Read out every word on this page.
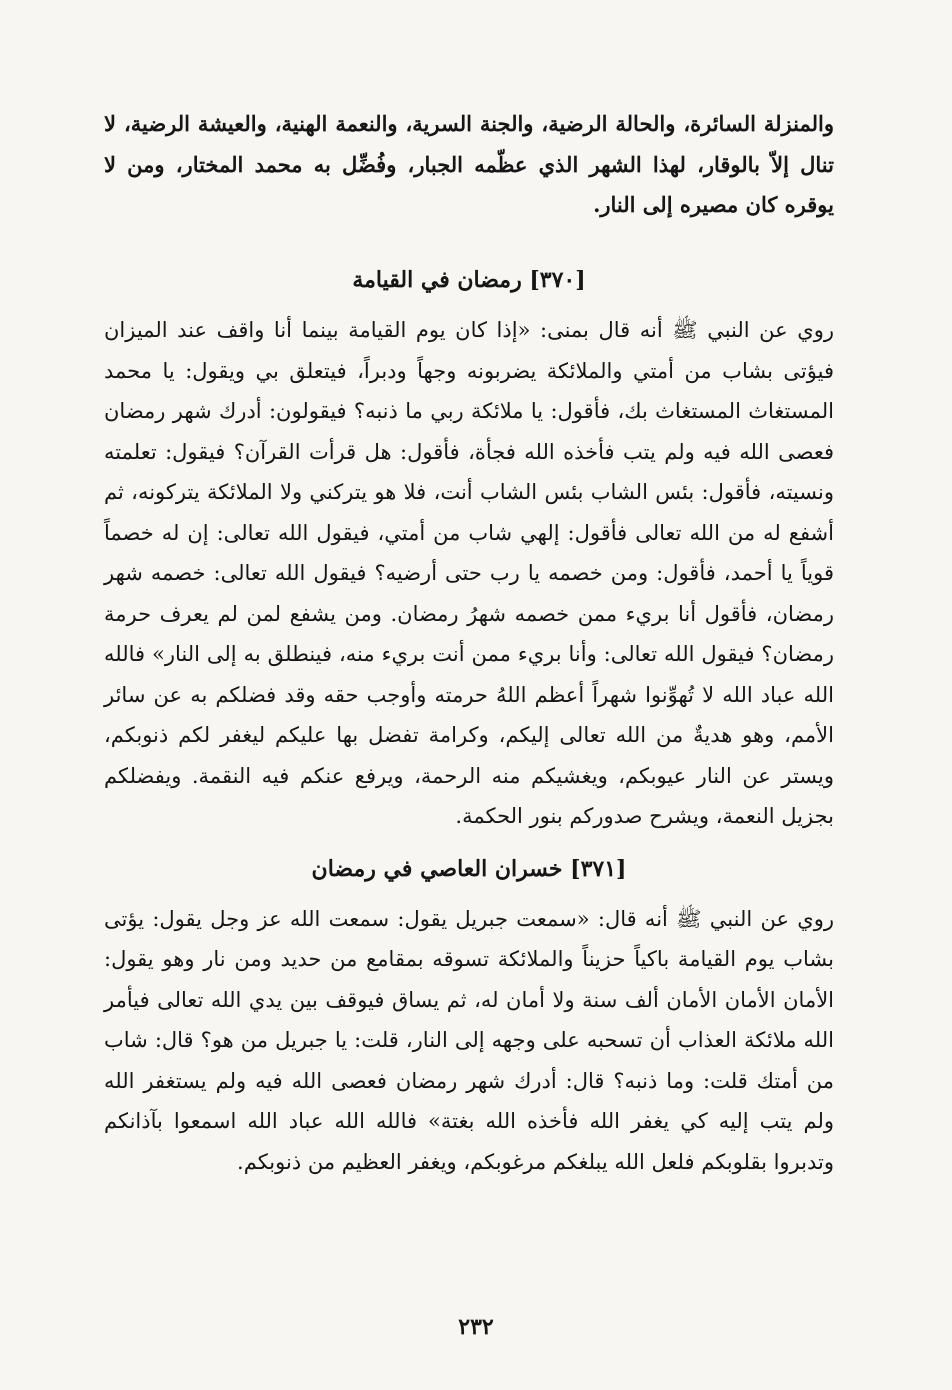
والمنزلة السائرة، والحالة الرضية، والجنة السرية، والنعمة الهنية، والعيشة الرضية، لا تنال إلاّ بالوقار، لهذا الشهر الذي عظّمه الجبار، وفُضِّل به محمد المختار، ومن لا يوقره كان مصيره إلى النار.

[٣٧٠] رمضان في القيامة

روي عن النبي ﷺ أنه قال بمنى: «إذا كان يوم القيامة بينما أنا واقف عند الميزان فيؤتى بشاب من أمتي والملائكة يضربونه وجهاً ودبراً، فيتعلق بي ويقول: يا محمد المستغاث المستغاث بك، فأقول: يا ملائكة ربي ما ذنبه؟ فيقولون: أدرك شهر رمضان فعصى الله فيه ولم يتب فأخذه الله فجأة، فأقول: هل قرأت القرآن؟ فيقول: تعلمته ونسيته، فأقول: بئس الشاب بئس الشاب أنت، فلا هو يتركني ولا الملائكة يتركونه، ثم أشفع له من الله تعالى فأقول: إلهي شاب من أمتي، فيقول الله تعالى: إن له خصماً قوياً يا أحمد، فأقول: ومن خصمه يا رب حتى أرضيه؟ فيقول الله تعالى: خصمه شهر رمضان، فأقول أنا بريء ممن خصمه شهرُ رمضان. ومن يشفع لمن لم يعرف حرمة رمضان؟ فيقول الله تعالى: وأنا بريء ممن أنت بريء منه، فينطلق به إلى النار» فالله الله عباد الله لا تُهوِّنوا شهراً أعظم اللهُ حرمته وأوجب حقه وقد فضلكم به عن سائر الأمم، وهو هديةٌ من الله تعالى إليكم، وكرامة تفضل بها عليكم ليغفر لكم ذنوبكم، ويستر عن النار عيوبكم، ويغشيكم منه الرحمة، ويرفع عنكم فيه النقمة. ويفضلكم بجزيل النعمة، ويشرح صدوركم بنور الحكمة.

[٣٧١] خسران العاصي في رمضان

روي عن النبي ﷺ أنه قال: «سمعت جبريل يقول: سمعت الله عز وجل يقول: يؤتى بشاب يوم القيامة باكياً حزيناً والملائكة تسوقه بمقامع من حديد ومن نار وهو يقول: الأمان الأمان الأمان ألف سنة ولا أمان له، ثم يساق فيوقف بين يدي الله تعالى فيأمر الله ملائكة العذاب أن تسحبه على وجهه إلى النار، قلت: يا جبريل من هو؟ قال: شاب من أمتك قلت: وما ذنبه؟ قال: أدرك شهر رمضان فعصى الله فيه ولم يستغفر الله ولم يتب إليه كي يغفر الله فأخذه الله بغتة» فالله الله عباد الله اسمعوا بآذانكم وتدبروا بقلوبكم فلعل الله يبلغكم مرغوبكم، ويغفر العظيم من ذنوبكم.

٢٣٢
